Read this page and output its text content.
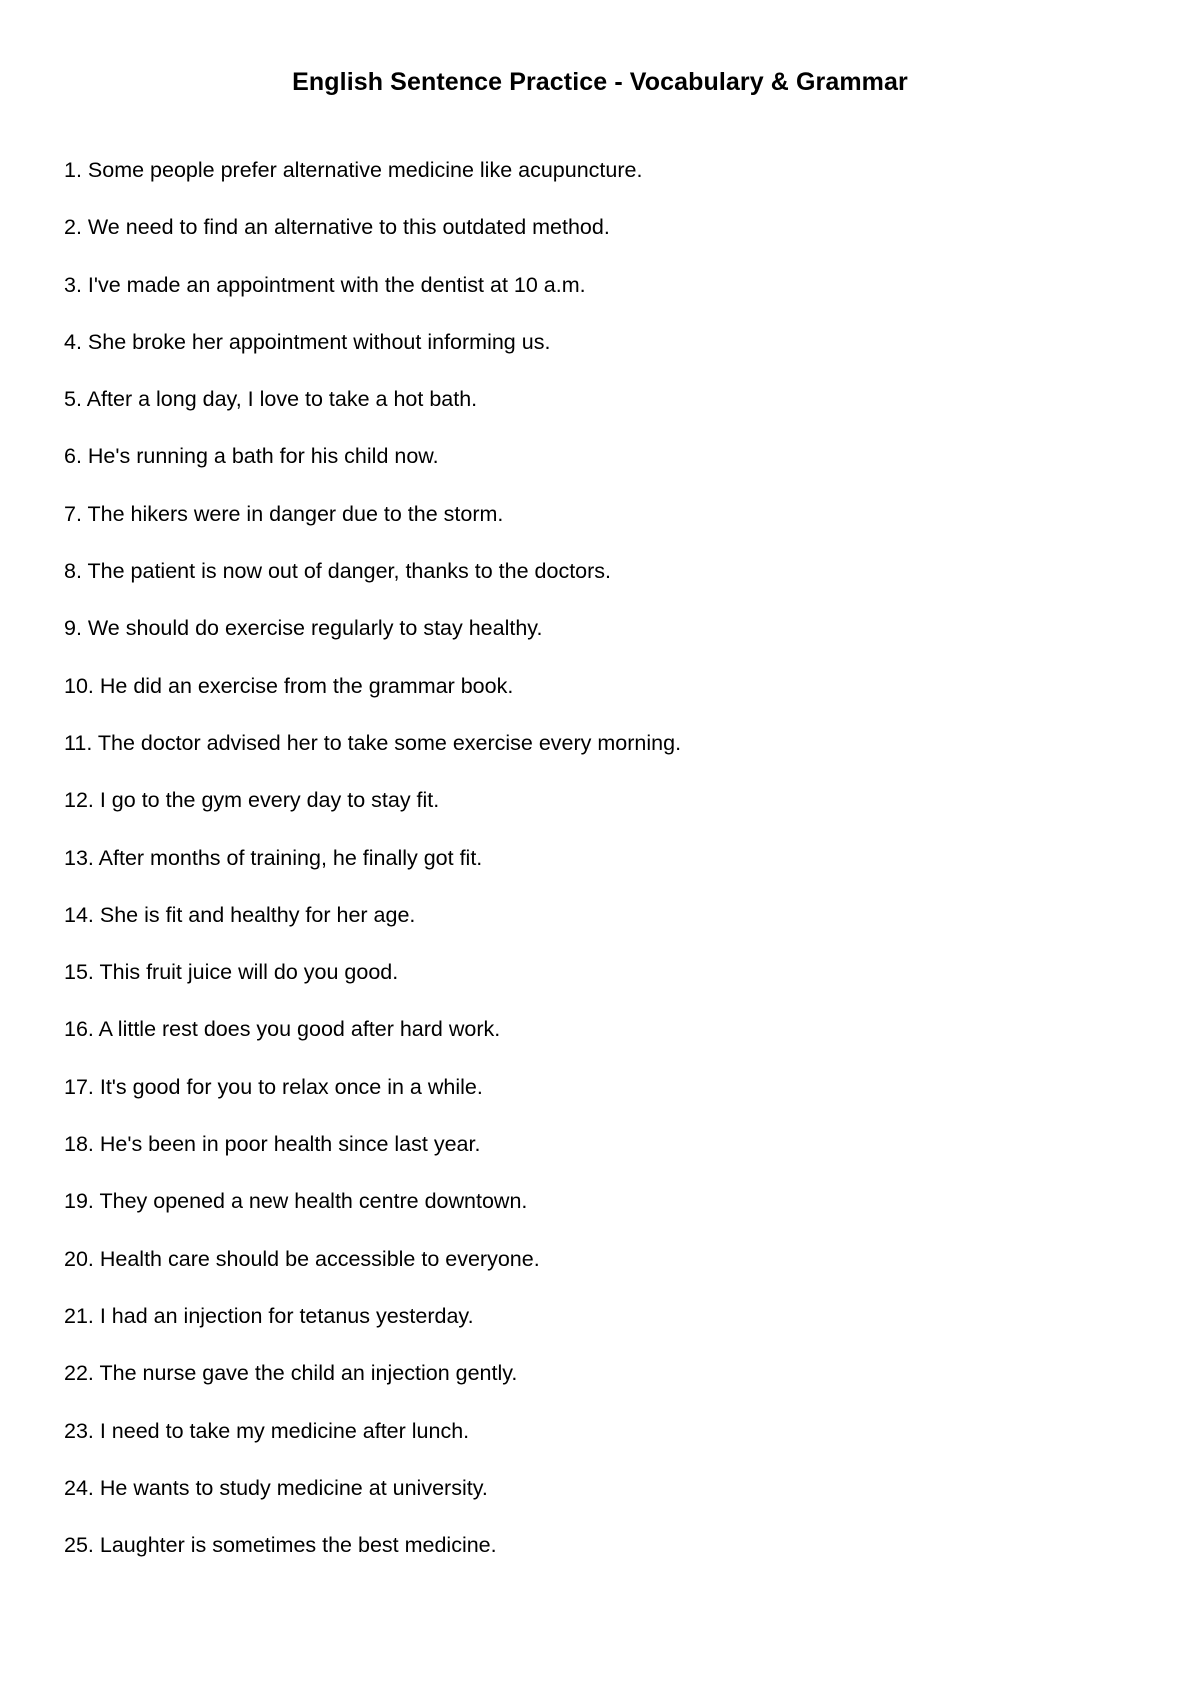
English Sentence Practice - Vocabulary & Grammar
1. Some people prefer alternative medicine like acupuncture.
2. We need to find an alternative to this outdated method.
3. I've made an appointment with the dentist at 10 a.m.
4. She broke her appointment without informing us.
5. After a long day, I love to take a hot bath.
6. He's running a bath for his child now.
7. The hikers were in danger due to the storm.
8. The patient is now out of danger, thanks to the doctors.
9. We should do exercise regularly to stay healthy.
10. He did an exercise from the grammar book.
11. The doctor advised her to take some exercise every morning.
12. I go to the gym every day to stay fit.
13. After months of training, he finally got fit.
14. She is fit and healthy for her age.
15. This fruit juice will do you good.
16. A little rest does you good after hard work.
17. It's good for you to relax once in a while.
18. He's been in poor health since last year.
19. They opened a new health centre downtown.
20. Health care should be accessible to everyone.
21. I had an injection for tetanus yesterday.
22. The nurse gave the child an injection gently.
23. I need to take my medicine after lunch.
24. He wants to study medicine at university.
25. Laughter is sometimes the best medicine.
